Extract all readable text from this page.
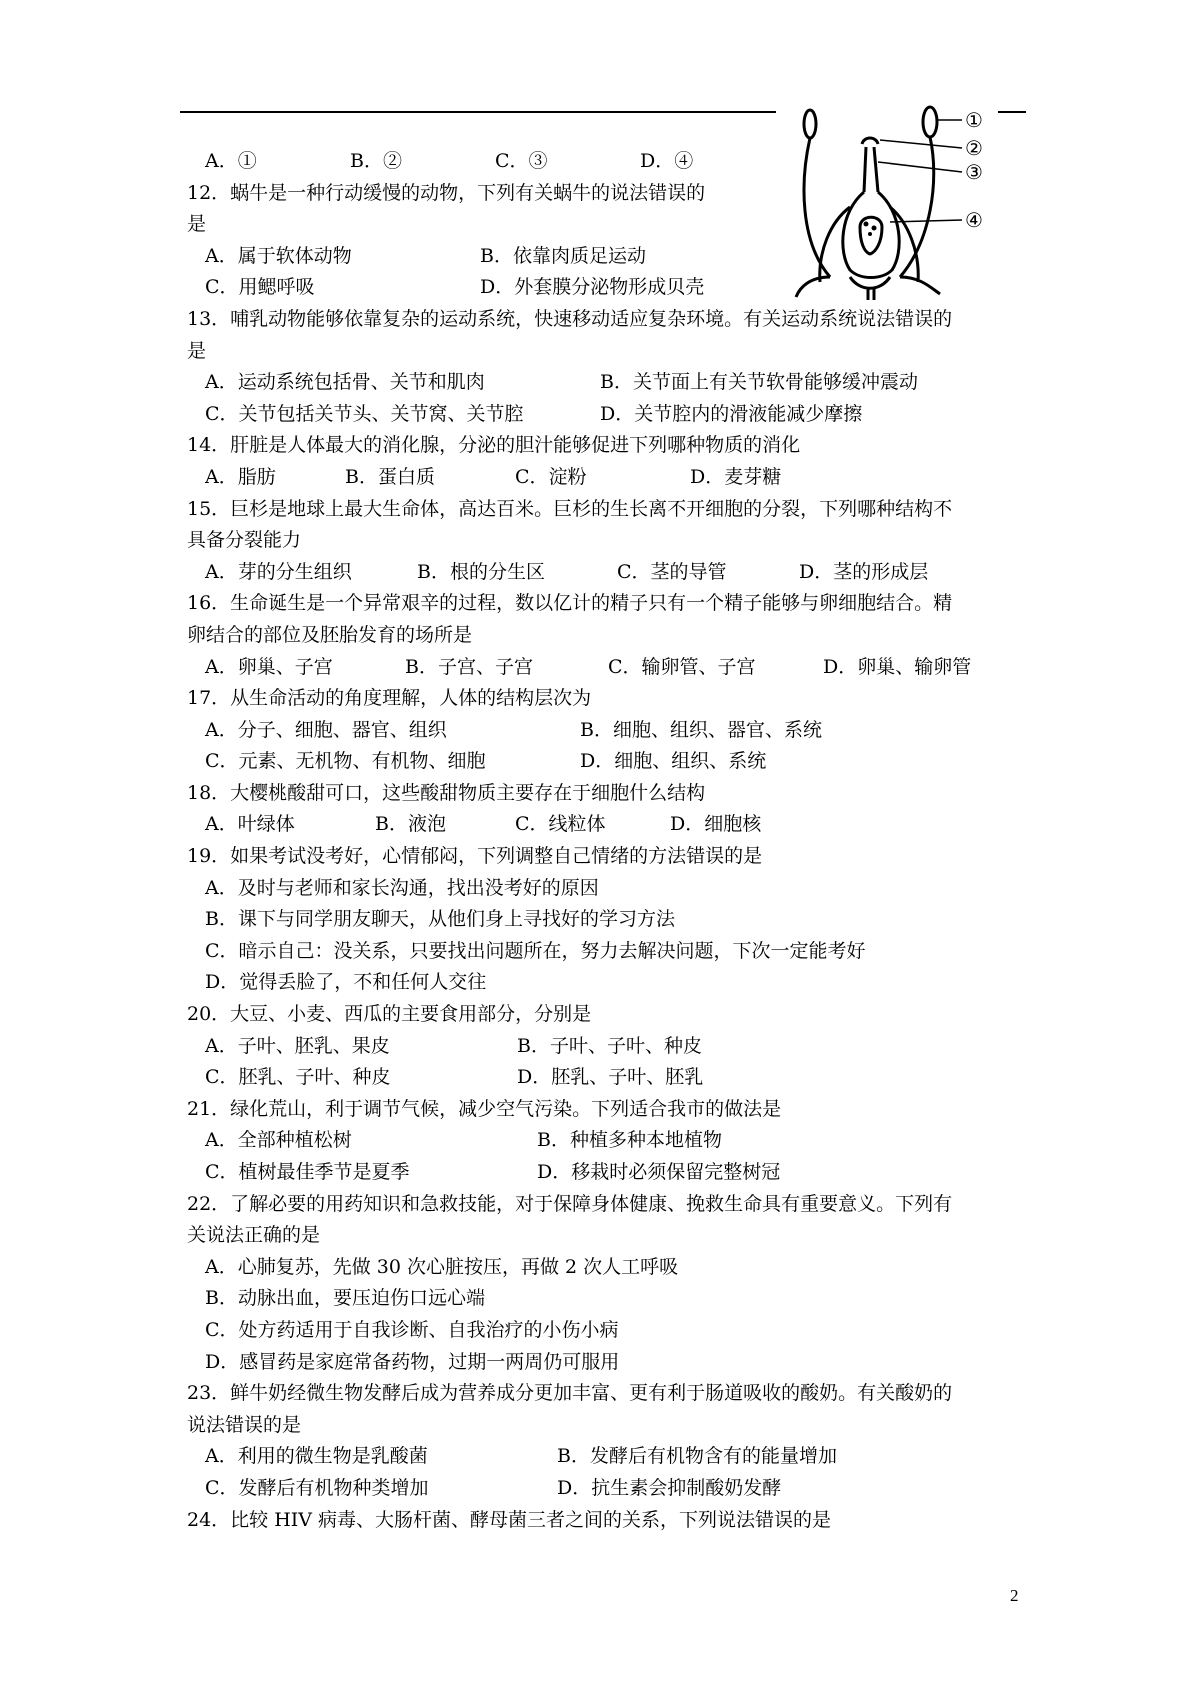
①
②
③
④
A．①	B．②	C．③	D．④
12．蜗牛是一种行动缓慢的动物，下列有关蜗牛的说法错误的
是
A．属于软体动物	B．依靠肉质足运动
C．用鳃呼吸	D．外套膜分泌物形成贝壳
13．哺乳动物能够依靠复杂的运动系统，快速移动适应复杂环境。有关运动系统说法错误的
是
A．运动系统包括骨、关节和肌肉	B．关节面上有关节软骨能够缓冲震动
C．关节包括关节头、关节窝、关节腔	D．关节腔内的滑液能减少摩擦
14．肝脏是人体最大的消化腺，分泌的胆汁能够促进下列哪种物质的消化
A．脂肪	B．蛋白质	C．淀粉	D．麦芽糖
15．巨杉是地球上最大生命体，高达百米。巨杉的生长离不开细胞的分裂，下列哪种结构不
具备分裂能力
A．芽的分生组织	B．根的分生区	C．茎的导管	D．茎的形成层
16．生命诞生是一个异常艰辛的过程，数以亿计的精子只有一个精子能够与卵细胞结合。精
卵结合的部位及胚胎发育的场所是
A．卵巢、子宫	B．子宫、子宫	C．输卵管、子宫	D．卵巢、输卵管
17．从生命活动的角度理解，人体的结构层次为
A．分子、细胞、器官、组织	B．细胞、组织、器官、系统
C．元素、无机物、有机物、细胞	D．细胞、组织、系统
18．大樱桃酸甜可口，这些酸甜物质主要存在于细胞什么结构
A．叶绿体	B．液泡	C．线粒体	D．细胞核
19．如果考试没考好，心情郁闷，下列调整自己情绪的方法错误的是
A．及时与老师和家长沟通，找出没考好的原因
B．课下与同学朋友聊天，从他们身上寻找好的学习方法
C．暗示自己：没关系，只要找出问题所在，努力去解决问题，下次一定能考好
D．觉得丢脸了，不和任何人交往
20．大豆、小麦、西瓜的主要食用部分，分别是
A．子叶、胚乳、果皮	B．子叶、子叶、种皮
C．胚乳、子叶、种皮	D．胚乳、子叶、胚乳
21．绿化荒山，利于调节气候，减少空气污染。下列适合我市的做法是
A．全部种植松树	B．种植多种本地植物
C．植树最佳季节是夏季	D．移栽时必须保留完整树冠
22．了解必要的用药知识和急救技能，对于保障身体健康、挽救生命具有重要意义。下列有
关说法正确的是
A．心肺复苏，先做 30 次心脏按压，再做 2 次人工呼吸
B．动脉出血，要压迫伤口远心端
C．处方药适用于自我诊断、自我治疗的小伤小病
D．感冒药是家庭常备药物，过期一两周仍可服用
23．鲜牛奶经微生物发酵后成为营养成分更加丰富、更有利于肠道吸收的酸奶。有关酸奶的
说法错误的是
A．利用的微生物是乳酸菌	B．发酵后有机物含有的能量增加
C．发酵后有机物种类增加	D．抗生素会抑制酸奶发酵
24．比较 HIV 病毒、大肠杆菌、酵母菌三者之间的关系，下列说法错误的是
2
